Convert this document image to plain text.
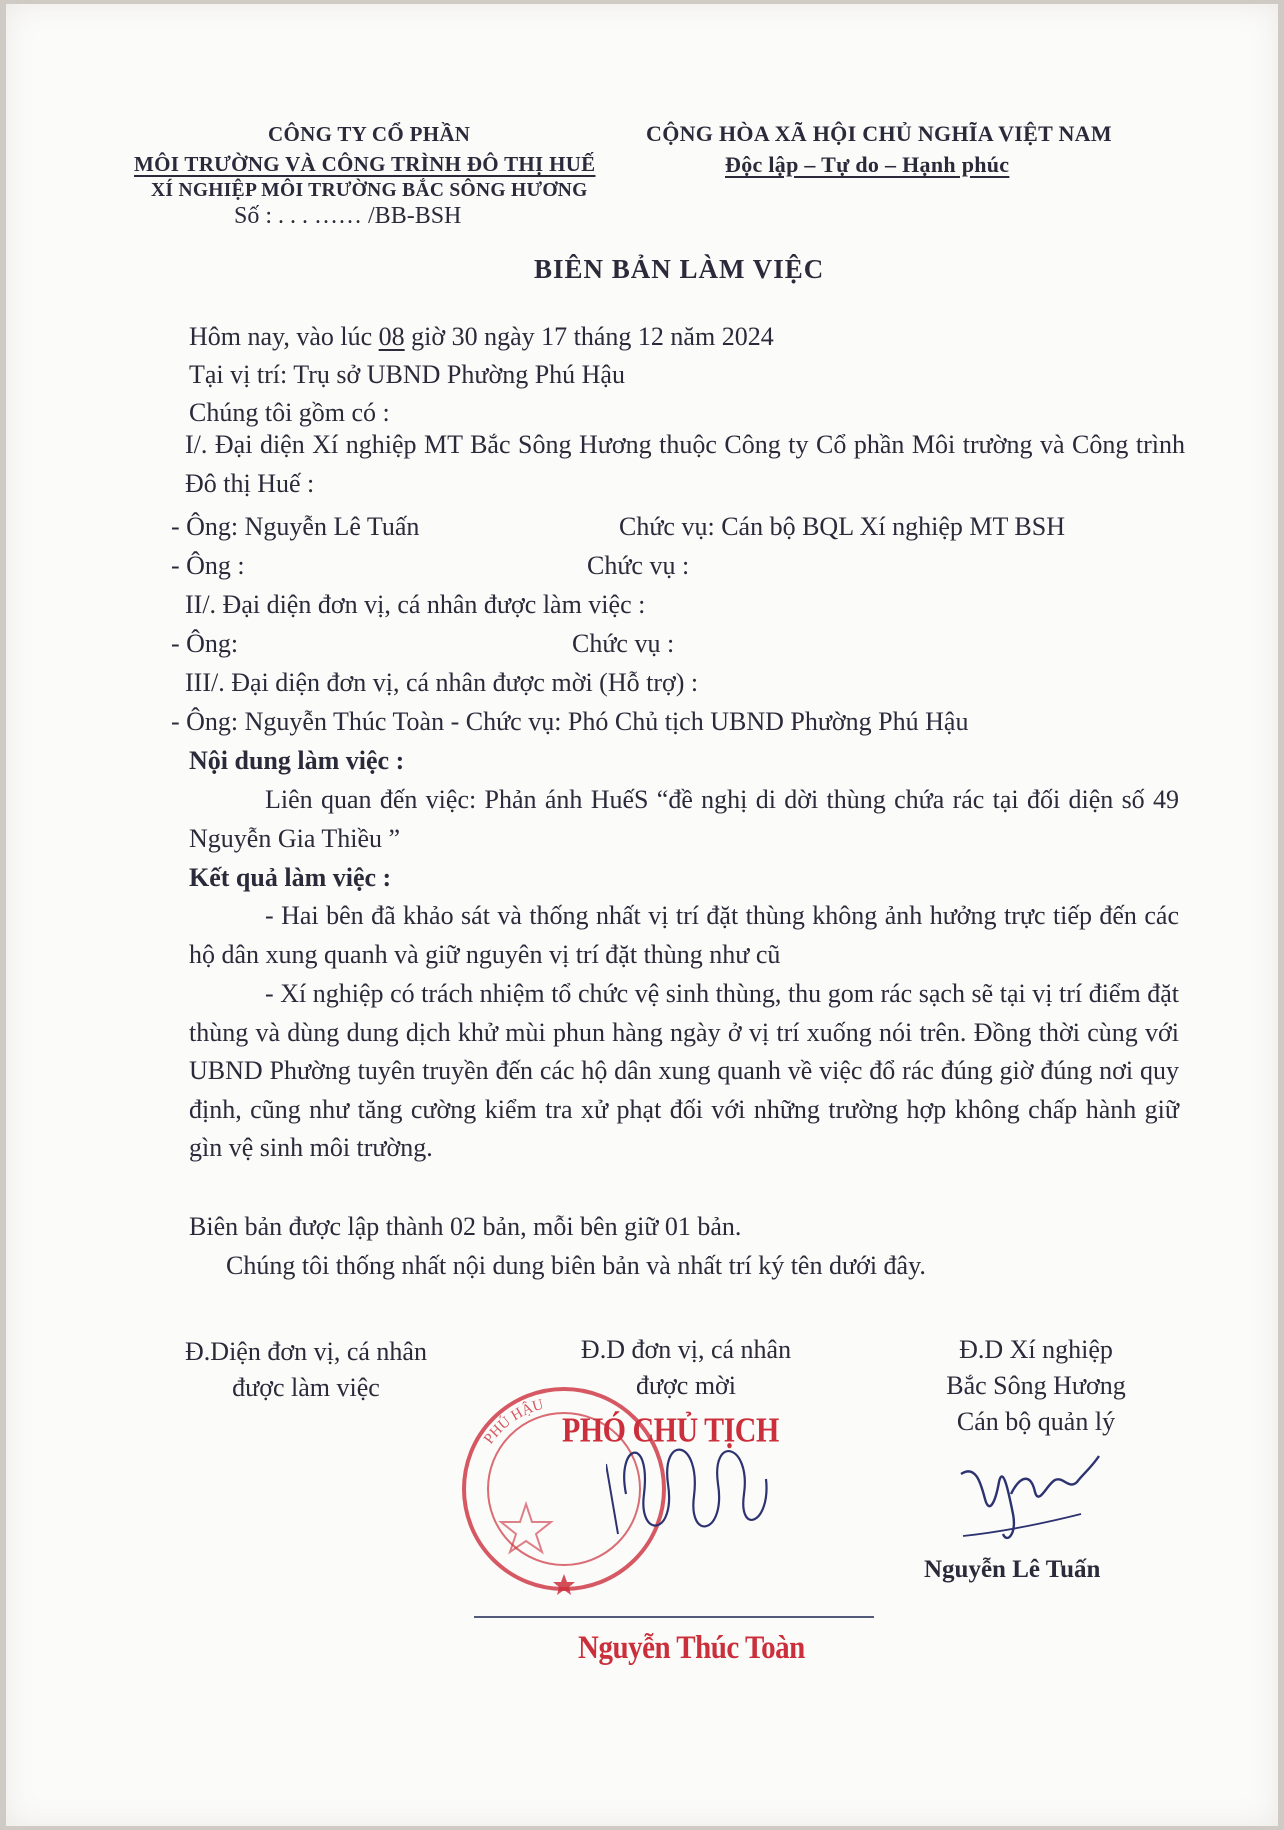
CÔNG TY CỔ PHẦN
MÔI TRƯỜNG VÀ CÔNG TRÌNH ĐÔ THỊ HUẾ
XÍ NGHIỆP MÔI TRƯỜNG BẮC SÔNG HƯƠNG
Số : . . . …… /BB-BSH
CỘNG HÒA XÃ HỘI CHỦ NGHĨA VIỆT NAM
Độc lập – Tự do – Hạnh phúc
BIÊN BẢN LÀM VIỆC
Hôm nay, vào lúc 08 giờ 30 ngày 17 tháng 12 năm 2024
Tại vị trí: Trụ sở UBND Phường Phú Hậu
Chúng tôi gồm có :
I/. Đại diện Xí nghiệp MT Bắc Sông Hương thuộc Công ty Cổ phần Môi trường và Công trình Đô thị Huế :
- Ông: Nguyễn Lê Tuấn	Chức vụ: Cán bộ BQL Xí nghiệp MT BSH
- Ông :	Chức vụ :
II/. Đại diện đơn vị, cá nhân được làm việc :
- Ông:	Chức vụ :
III/. Đại diện đơn vị, cá nhân được mời (Hỗ trợ) :
- Ông: Nguyễn Thúc Toàn - Chức vụ: Phó Chủ tịch UBND Phường Phú Hậu
Nội dung làm việc :
Liên quan đến việc: Phản ánh HuếS “đề nghị di dời thùng chứa rác tại đối diện số 49 Nguyễn Gia Thiều ”
Kết quả làm việc :
- Hai bên đã khảo sát và thống nhất vị trí đặt thùng không ảnh hưởng trực tiếp đến các hộ dân xung quanh và giữ nguyên vị trí đặt thùng như cũ
- Xí nghiệp có trách nhiệm tổ chức vệ sinh thùng, thu gom rác sạch sẽ tại vị trí điểm đặt thùng và dùng dung dịch khử mùi phun hàng ngày ở vị trí xuống nói trên. Đồng thời cùng với UBND Phường tuyên truyền đến các hộ dân xung quanh về việc đổ rác đúng giờ đúng nơi quy định, cũng như tăng cường kiểm tra xử phạt đối với những trường hợp không chấp hành giữ gìn vệ sinh môi trường.
Biên bản được lập thành 02 bản, mỗi bên giữ 01 bản.
Chúng tôi thống nhất nội dung biên bản và nhất trí ký tên dưới đây.
Đ.Diện đơn vị, cá nhân
được làm việc
Đ.D đơn vị, cá nhân
được mời
Đ.D Xí nghiệp
Bắc Sông Hương
Cán bộ quản lý
PHÚ HẬU
PHÓ CHỦ TỊCH
Nguyễn Thúc Toàn
Nguyễn Lê Tuấn
